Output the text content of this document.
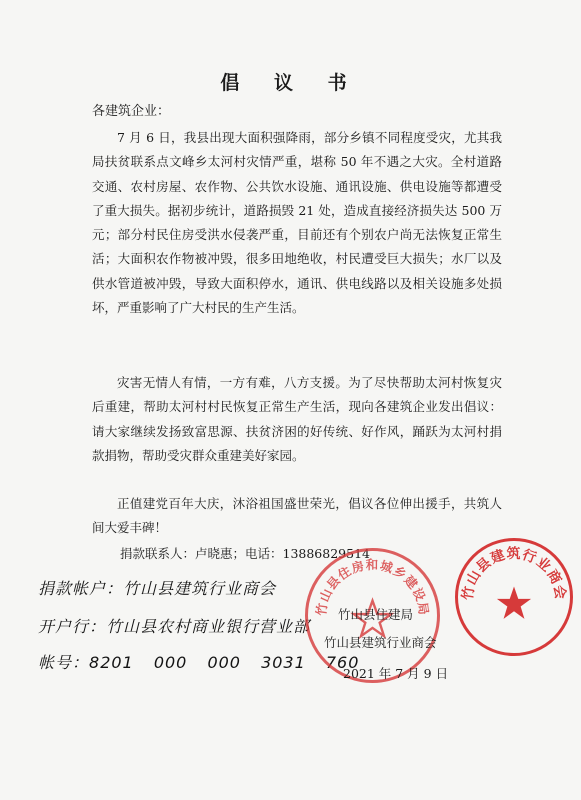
倡 议 书
各建筑企业：

7 月 6 日，我县出现大面积强降雨，部分乡镇不同程度受灾，尤其我局扶贫联系点文峰乡太河村灾情严重，堪称 50 年不遇之大灾。全村道路交通、农村房屋、农作物、公共饮水设施、通讯设施、供电设施等都遭受了重大损失。据初步统计，道路损毁 21 处，造成直接经济损失达 500 万元；部分村民住房受洪水侵袭严重，目前还有个别农户尚无法恢复正常生活；大面积农作物被冲毁，很多田地绝收，村民遭受巨大损失；水厂以及供水管道被冲毁，导致大面积停水，通讯、供电线路以及相关设施多处损坏，严重影响了广大村民的生产生活。

灾害无情人有情，一方有难，八方支援。为了尽快帮助太河村恢复灾后重建，帮助太河村村民恢复正常生产生活，现向各建筑企业发出倡议：请大家继续发扬致富思源、扶贫济困的好传统、好作风，踊跃为太河村捐款捐物，帮助受灾群众重建美好家园。

正值建党百年大庆，沐浴祖国盛世荣光，倡议各位伸出援手，共筑人间大爱丰碑！

捐款联系人：卢晓惠；电话：13886829514
捐款帐户：竹山县建筑行业商会
开户行：竹山县农村商业银行营业部
帐号：8201 000 000 3031 760
竹山县住房和城乡建设局
竹山县建筑行业商会
竹山县住建局
竹山县建筑行业商会
2021 年 7 月 9 日
